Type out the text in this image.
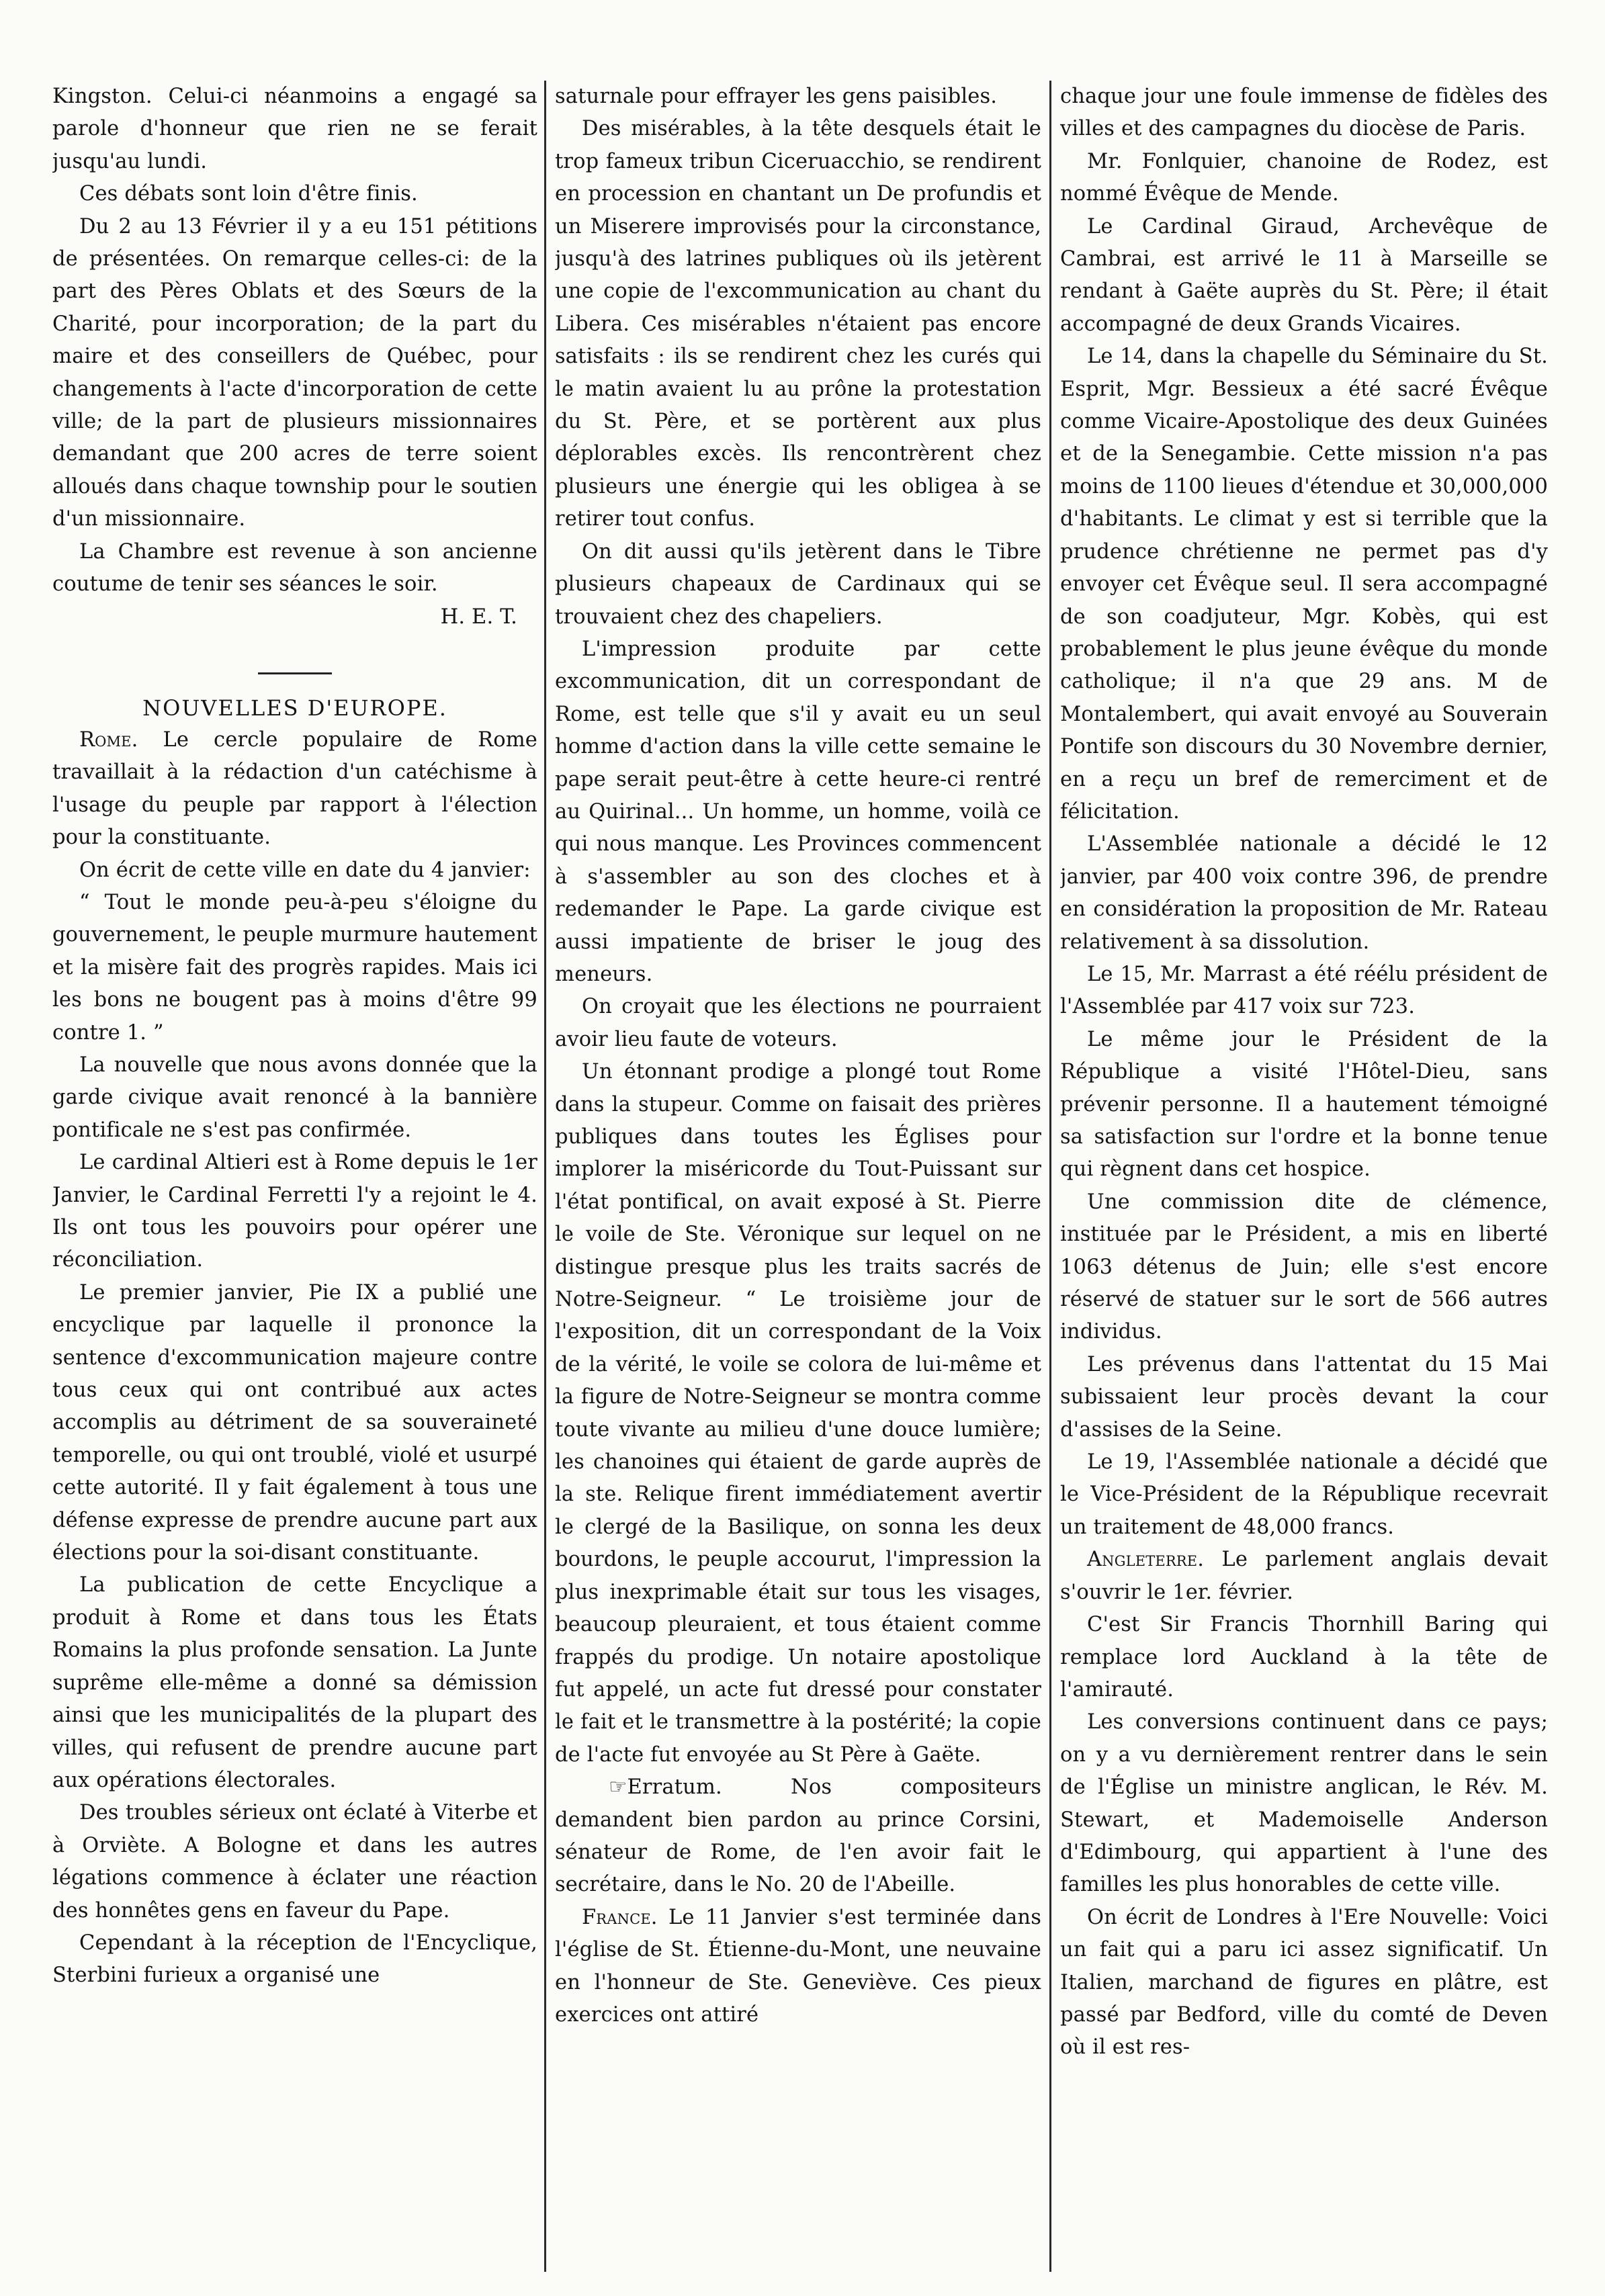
Kingston. Celui-ci néanmoins a engagé sa parole d'honneur que rien ne se ferait jusqu'au lundi.

Ces débats sont loin d'être finis.

Du 2 au 13 Février il y a eu 151 pétitions de présentées. On remarque celles-ci: de la part des Pères Oblats et des Sœurs de la Charité, pour incorporation; de la part du maire et des conseillers de Québec, pour changements à l'acte d'incorporation de cette ville; de la part de plusieurs missionnaires demandant que 200 acres de terre soient alloués dans chaque township pour le soutien d'un missionnaire.

La Chambre est revenue à son ancienne coutume de tenir ses séances le soir.

H. E. T.

NOUVELLES D'EUROPE.

Rome. Le cercle populaire de Rome travaillait à la rédaction d'un catéchisme à l'usage du peuple par rapport à l'élection pour la constituante.

On écrit de cette ville en date du 4 janvier:

“ Tout le monde peu-à-peu s'éloigne du gouvernement, le peuple murmure hautement et la misère fait des progrès rapides. Mais ici les bons ne bougent pas à moins d'être 99 contre 1. ”

La nouvelle que nous avons donnée que la garde civique avait renoncé à la bannière pontificale ne s'est pas confirmée.

Le cardinal Altieri est à Rome depuis le 1er Janvier, le Cardinal Ferretti l'y a rejoint le 4. Ils ont tous les pouvoirs pour opérer une réconciliation.

Le premier janvier, Pie IX a publié une encyclique par laquelle il prononce la sentence d'excommunication majeure contre tous ceux qui ont contribué aux actes accomplis au détriment de sa souveraineté temporelle, ou qui ont troublé, violé et usurpé cette autorité. Il y fait également à tous une défense expresse de prendre aucune part aux élections pour la soi-disant constituante.

La publication de cette Encyclique a produit à Rome et dans tous les États Romains la plus profonde sensation. La Junte suprême elle-même a donné sa démission ainsi que les municipalités de la plupart des villes, qui refusent de prendre aucune part aux opérations électorales.

Des troubles sérieux ont éclaté à Viterbe et à Orviète. A Bologne et dans les autres légations commence à éclater une réaction des honnêtes gens en faveur du Pape.

Cependant à la réception de l'Encyclique, Sterbini furieux a organisé une

saturnale pour effrayer les gens paisibles.

Des misérables, à la tête desquels était le trop fameux tribun Ciceruacchio, se rendirent en procession en chantant un De profundis et un Miserere improvisés pour la circonstance, jusqu'à des latrines publiques où ils jetèrent une copie de l'excommunication au chant du Libera. Ces misérables n'étaient pas encore satisfaits : ils se rendirent chez les curés qui le matin avaient lu au prône la protestation du St. Père, et se portèrent aux plus déplorables excès. Ils rencontrèrent chez plusieurs une énergie qui les obligea à se retirer tout confus.

On dit aussi qu'ils jetèrent dans le Tibre plusieurs chapeaux de Cardinaux qui se trouvaient chez des chapeliers.

L'impression produite par cette excommunication, dit un correspondant de Rome, est telle que s'il y avait eu un seul homme d'action dans la ville cette semaine le pape serait peut-être à cette heure-ci rentré au Quirinal... Un homme, un homme, voilà ce qui nous manque. Les Provinces commencent à s'assembler au son des cloches et à redemander le Pape. La garde civique est aussi impatiente de briser le joug des meneurs.

On croyait que les élections ne pourraient avoir lieu faute de voteurs.

Un étonnant prodige a plongé tout Rome dans la stupeur. Comme on faisait des prières publiques dans toutes les Églises pour implorer la miséricorde du Tout-Puissant sur l'état pontifical, on avait exposé à St. Pierre le voile de Ste. Véronique sur lequel on ne distingue presque plus les traits sacrés de Notre-Seigneur. “ Le troisième jour de l'exposition, dit un correspondant de la Voix de la vérité, le voile se colora de lui-même et la figure de Notre-Seigneur se montra comme toute vivante au milieu d'une douce lumière; les chanoines qui étaient de garde auprès de la ste. Relique firent immédiatement avertir le clergé de la Basilique, on sonna les deux bourdons, le peuple accourut, l'impression la plus inexprimable était sur tous les visages, beaucoup pleuraient, et tous étaient comme frappés du prodige. Un notaire apostolique fut appelé, un acte fut dressé pour constater le fait et le transmettre à la postérité; la copie de l'acte fut envoyée au St Père à Gaëte.

☞Erratum. Nos compositeurs demandent bien pardon au prince Corsini, sénateur de Rome, de l'en avoir fait le secrétaire, dans le No. 20 de l'Abeille.

France. Le 11 Janvier s'est terminée dans l'église de St. Étienne-du-Mont, une neuvaine en l'honneur de Ste. Geneviève. Ces pieux exercices ont attiré

chaque jour une foule immense de fidèles des villes et des campagnes du diocèse de Paris.

Mr. Fonlquier, chanoine de Rodez, est nommé Évêque de Mende.

Le Cardinal Giraud, Archevêque de Cambrai, est arrivé le 11 à Marseille se rendant à Gaëte auprès du St. Père; il était accompagné de deux Grands Vicaires.

Le 14, dans la chapelle du Séminaire du St. Esprit, Mgr. Bessieux a été sacré Évêque comme Vicaire-Apostolique des deux Guinées et de la Senegambie. Cette mission n'a pas moins de 1100 lieues d'étendue et 30,000,000 d'habitants. Le climat y est si terrible que la prudence chrétienne ne permet pas d'y envoyer cet Évêque seul. Il sera accompagné de son coadjuteur, Mgr. Kobès, qui est probablement le plus jeune évêque du monde catholique; il n'a que 29 ans. M de Montalembert, qui avait envoyé au Souverain Pontife son discours du 30 Novembre dernier, en a reçu un bref de remerciment et de félicitation.

L'Assemblée nationale a décidé le 12 janvier, par 400 voix contre 396, de prendre en considération la proposition de Mr. Rateau relativement à sa dissolution.

Le 15, Mr. Marrast a été réélu président de l'Assemblée par 417 voix sur 723.

Le même jour le Président de la République a visité l'Hôtel-Dieu, sans prévenir personne. Il a hautement témoigné sa satisfaction sur l'ordre et la bonne tenue qui règnent dans cet hospice.

Une commission dite de clémence, instituée par le Président, a mis en liberté 1063 détenus de Juin; elle s'est encore réservé de statuer sur le sort de 566 autres individus.

Les prévenus dans l'attentat du 15 Mai subissaient leur procès devant la cour d'assises de la Seine.

Le 19, l'Assemblée nationale a décidé que le Vice-Président de la République recevrait un traitement de 48,000 francs.

Angleterre. Le parlement anglais devait s'ouvrir le 1er. février.

C'est Sir Francis Thornhill Baring qui remplace lord Auckland à la tête de l'amirauté.

Les conversions continuent dans ce pays; on y a vu dernièrement rentrer dans le sein de l'Église un ministre anglican, le Rév. M. Stewart, et Mademoiselle Anderson d'Edimbourg, qui appartient à l'une des familles les plus honorables de cette ville.

On écrit de Londres à l'Ere Nouvelle: Voici un fait qui a paru ici assez significatif. Un Italien, marchand de figures en plâtre, est passé par Bedford, ville du comté de Deven où il est res-
